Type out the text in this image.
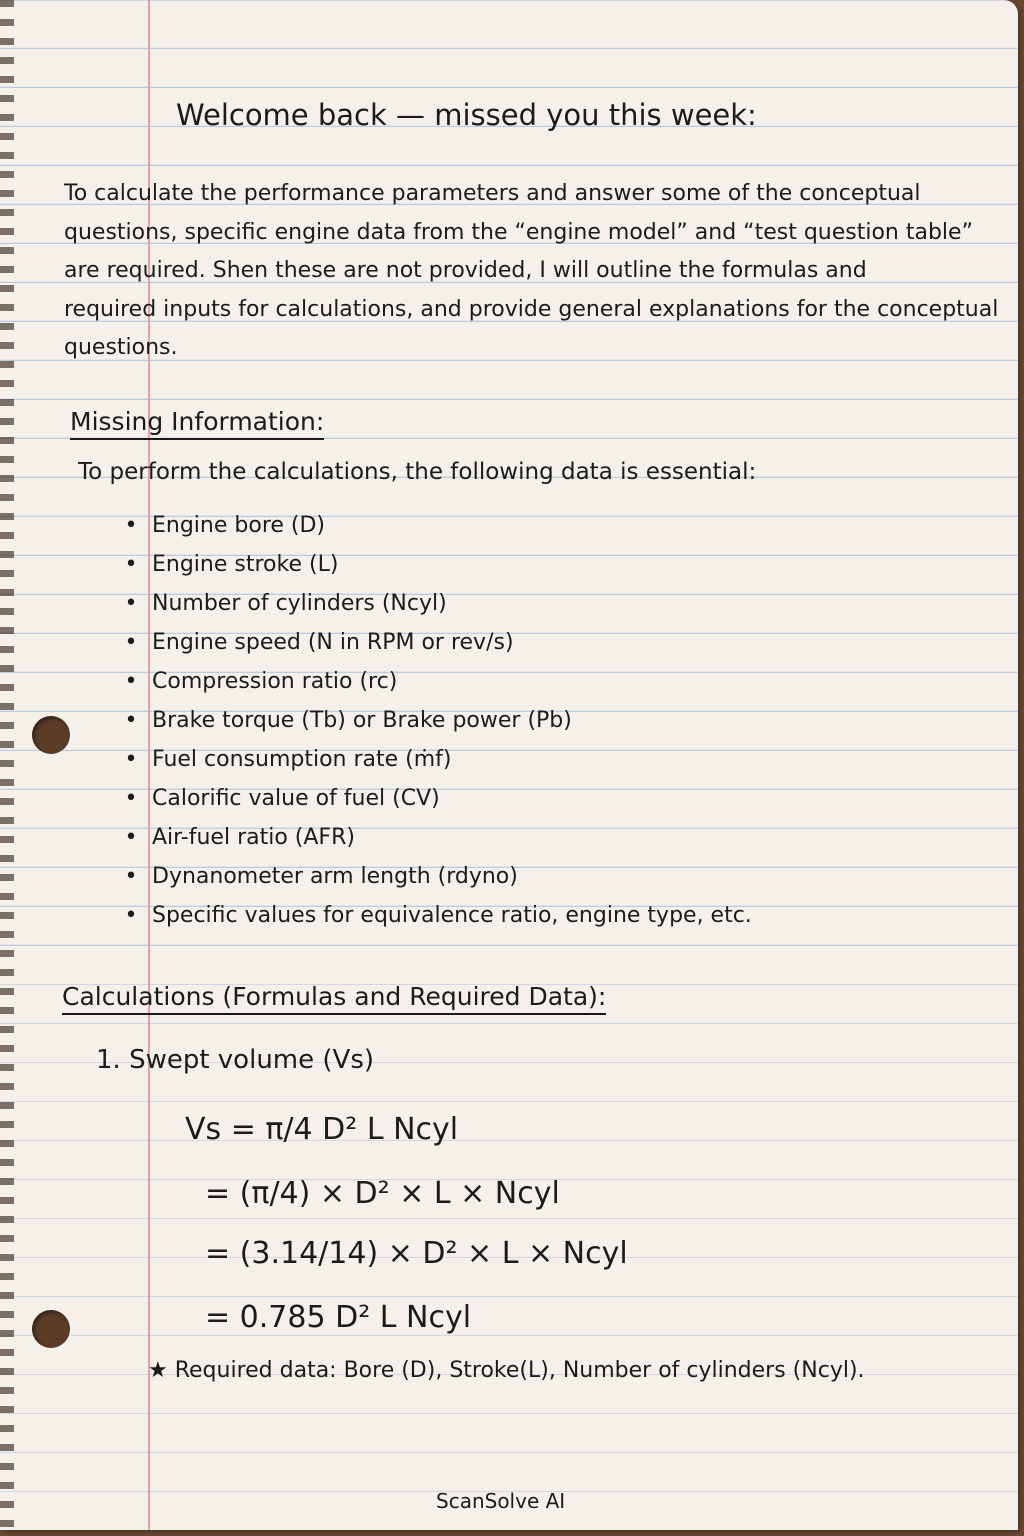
Welcome back — missed you this week:
To calculate the performance parameters and answer some of the conceptual
questions, specific engine data from the “engine model” and “test question table”
are required. Shen these are not provided, I will outline the formulas and
required inputs for calculations, and provide general explanations for the conceptual
questions.
Missing Information:
To perform the calculations, the following data is essential:
• Engine bore (D)
• Engine stroke (L)
• Number of cylinders (Ncyl)
• Engine speed (N in RPM or rev/s)
• Compression ratio (rc)
• Brake torque (Tb) or Brake power (Pb)
• Fuel consumption rate (ṁf)
• Calorific value of fuel (CV)
• Air-fuel ratio (AFR)
• Dynanometer arm length (rdyno)
• Specific values for equivalence ratio, engine type, etc.
Calculations (Formulas and Required Data):
1. Swept volume (Vs)
Vs = π/4 D² L Ncyl
= (π/4) × D² × L × Ncyl
= (3.14/14) × D² × L × Ncyl
= 0.785 D² L Ncyl
★ Required data: Bore (D), Stroke(L), Number of cylinders (Ncyl).
ScanSolve AI
